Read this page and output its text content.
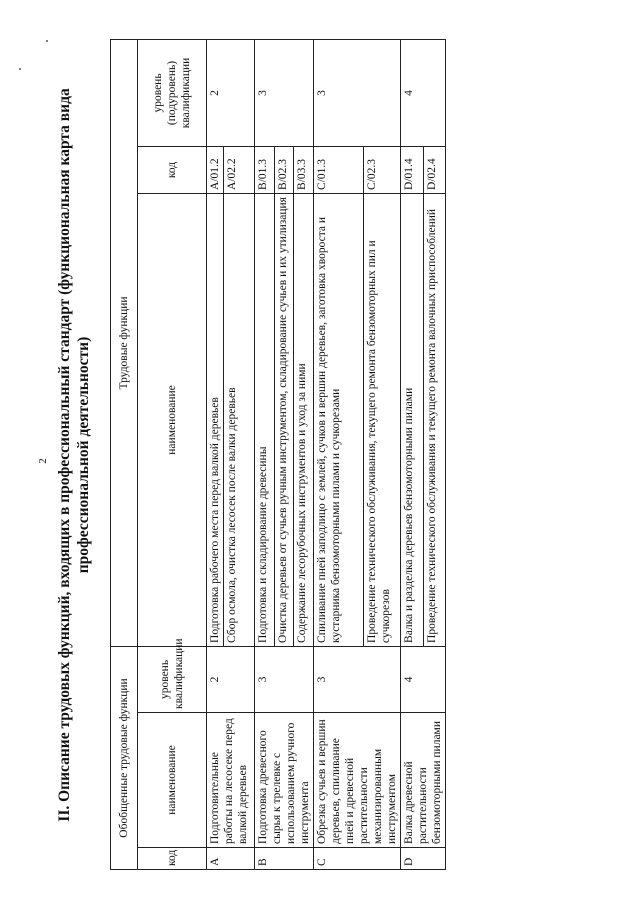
2 II. Описание трудовых функций, входящих в профессиональный стандарт (функциональная карта вида профессиональной деятельности)
Обобщенные трудовые функции			Трудовые функции		
код	наименование	уровень квалификации	наименование	код	уровень (подуровень) квалификации
A	Подготовительные работы на лесосеке перед валкой деревьев	2	Подготовка рабочего места перед валкой деревьев	A/01.2	2
			Сбор осмола, очистка лесосек после валки деревьев	A/02.2	
B	Подготовка древесного сырья к трелевке с использованием ручного инструмента	3	Подготовка и складирование древесины	B/01.3	3
			Очистка деревьев от сучьев ручным инструментом, складирование сучьев и их утилизация	B/02.3	
			Содержание лесорубочных инструментов и уход за ними	B/03.3	
C	Обрезка сучьев и вершин деревьев, спиливание пней и древесной растительности механизированным инструментом	3	Спиливание пней заподлицо с землей, сучков и вершин деревьев, заготовка хвороста и кустарника бензомоторными пилами и сучкорезами	C/01.3	3
			Проведение технического обслуживания, текущего ремонта бензомоторных пил и сучкорезов	C/02.3	
D	Валка древесной растительности бензомоторными пилами	4	Валка и разделка деревьев бензомоторными пилами	D/01.4	4
			Проведение технического обслуживания и текущего ремонта валочных приспособлений	D/02.4	
